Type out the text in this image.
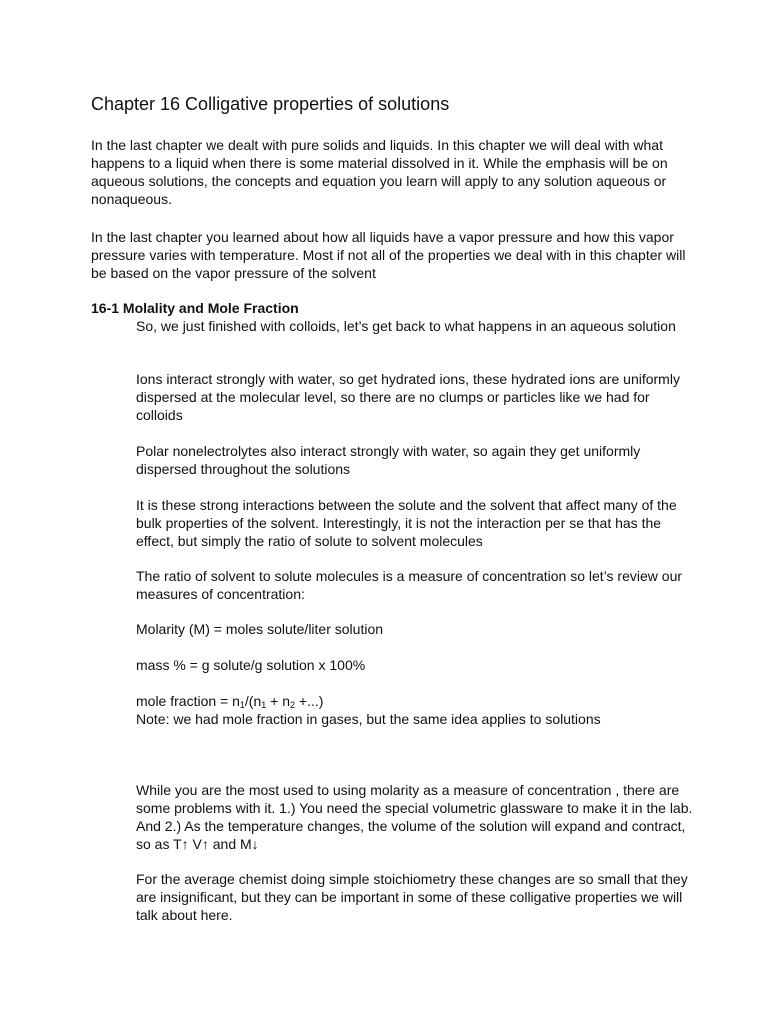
Chapter 16 Colligative properties of solutions

In the last chapter we dealt with pure solids and liquids. In this chapter we will deal with what happens to a liquid when there is some material dissolved in it. While the emphasis will be on aqueous solutions, the concepts and equation you learn will apply to any solution aqueous or nonaqueous.

In the last chapter you learned about how all liquids have a vapor pressure and how this vapor pressure varies with temperature. Most if not all of the properties we deal with in this chapter will be based on the vapor pressure of the solvent

16-1 Molality and Mole Fraction

So, we just finished with colloids, let’s get back to what happens in an aqueous solution

Ions interact strongly with water, so get hydrated ions, these hydrated ions are uniformly dispersed at the molecular level, so there are no clumps or particles like we had for colloids

Polar nonelectrolytes also interact strongly with water, so again they get uniformly dispersed throughout the solutions

It is these strong interactions between the solute and the solvent that affect many of the bulk properties of the solvent. Interestingly, it is not the interaction per se that has the effect, but simply the ratio of solute to solvent molecules

The ratio of solvent to solute molecules is a measure of concentration so let’s review our measures of concentration:

Molarity (M) = moles solute/liter solution

mass % = g solute/g solution x 100%

mole fraction = $n_1/(n_1 + n_2$ +...)

Note: we had mole fraction in gases, but the same idea applies to solutions

While you are the most used to using molarity as a measure of concentration , there are some problems with it. 1.) You need the special volumetric glassware to make it in the lab. And 2.) As the temperature changes, the volume of the solution will expand and contract, so as T↑ V↑ and M↓

For the average chemist doing simple stoichiometry these changes are so small that they are insignificant, but they can be important in some of these colligative properties we will talk about here.
